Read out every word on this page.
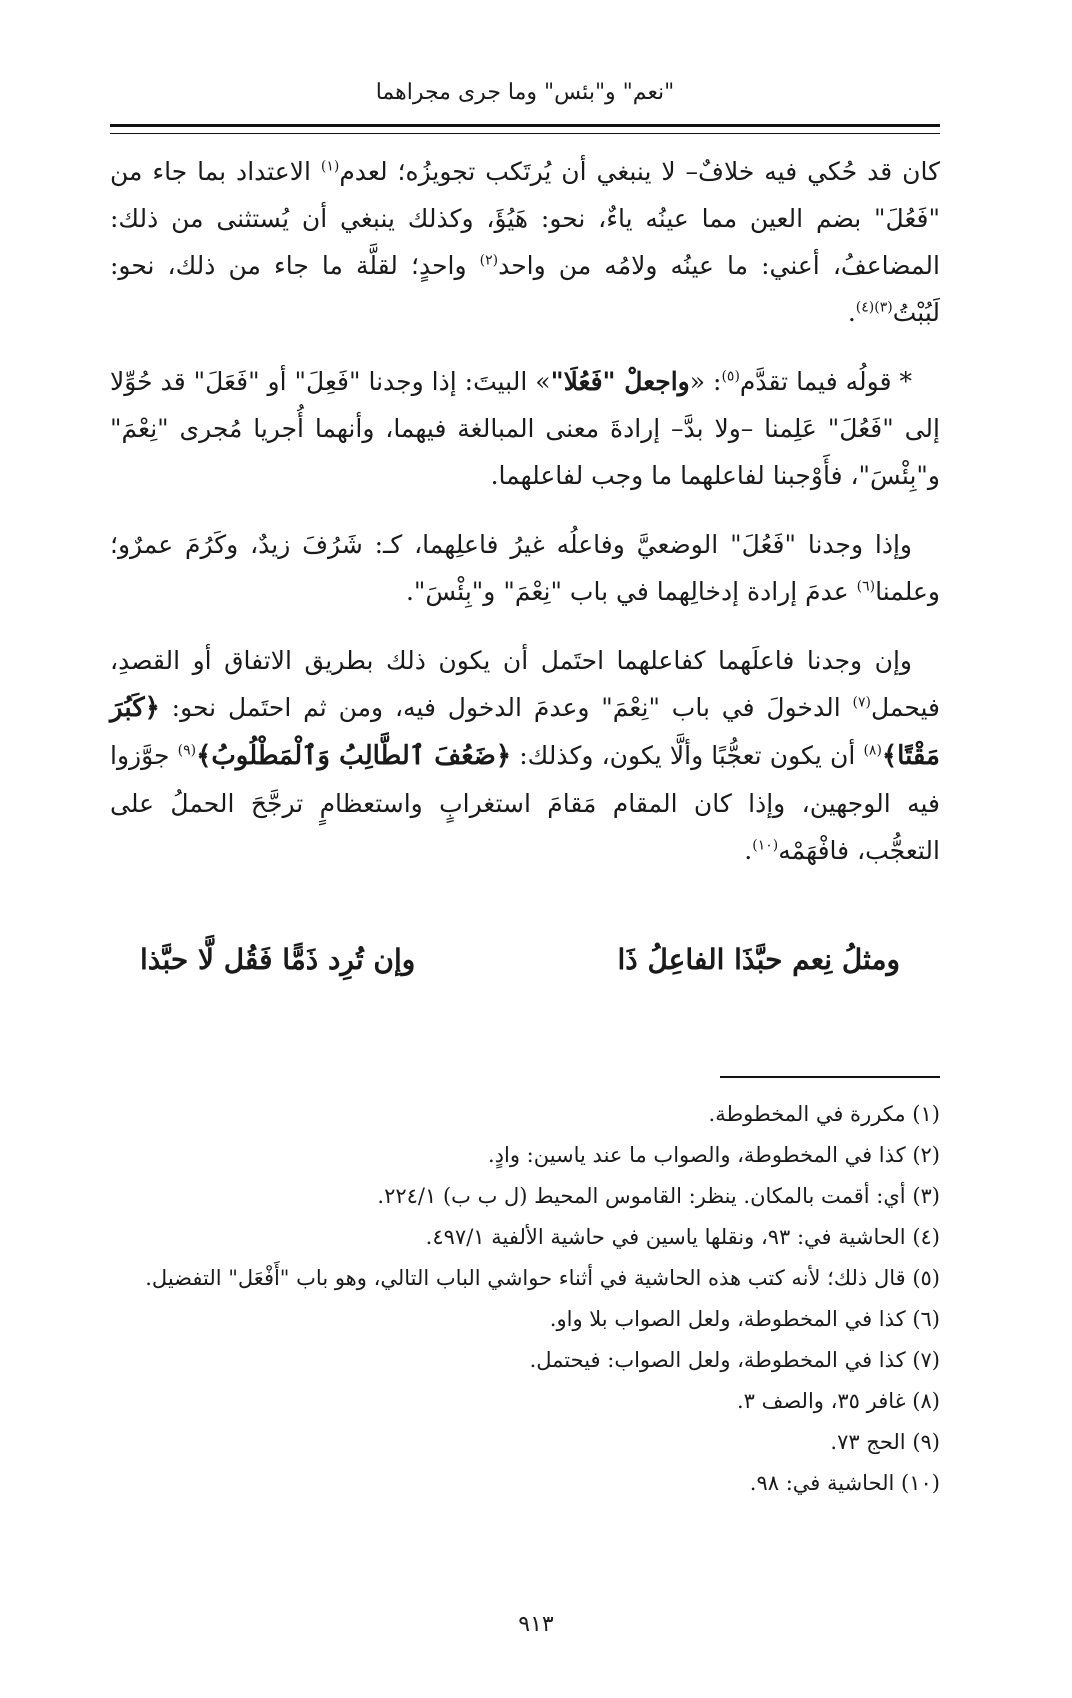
"نعم" و"بئس" وما جرى مجراهما

كان قد حُكي فيه خلافٌ– لا ينبغي أن يُرتَكب تجويزُه؛ لعدم$^{(١)}$ الاعتداد بما جاء من "فَعُلَ" بضم العين مما عينُه ياءٌ، نحو: هَيُؤَ، وكذلك ينبغي أن يُستثنى من ذلك: المضاعفُ، أعني: ما عينُه ولامُه من واحد$^{(٢)}$ واحدٍ؛ لقلَّة ما جاء من ذلك، نحو: لَبُبْتُ$^{(٣)(٤)}$.

* قولُه فيما تقدَّم$^{(٥)}$: «واجعلْ "فَعُلَا"» البيتَ: إذا وجدنا "فَعِلَ" أو "فَعَلَ" قد حُوِّلا إلى "فَعُلَ" عَلِمنا –ولا بدَّ– إرادةَ معنى المبالغة فيهما، وأنهما أُجريا مُجرى "نِعْمَ" و"بِئْسَ"، فأَوْجبنا لفاعلهما ما وجب لفاعلهما.

وإذا وجدنا "فَعُلَ" الوضعيَّ وفاعلُه غيرُ فاعلِهما، كـ: شَرُفَ زيدٌ، وكَرُمَ عمرٌو؛ وعلمنا$^{(٦)}$ عدمَ إرادة إدخالِهما في باب "نِعْمَ" و"بِئْسَ".

وإن وجدنا فاعلَهما كفاعلهما احتَمل أن يكون ذلك بطريق الاتفاق أو القصدِ، فيحمل$^{(٧)}$ الدخولَ في باب "نِعْمَ" وعدمَ الدخول فيه، ومن ثم احتَمل نحو: ﴿كَبُرَ مَقْتًا﴾$^{(٨)}$ أن يكون تعجُّبًا وألَّا يكون، وكذلك: ﴿ضَعُفَ ٱلطَّالِبُ وَٱلْمَطْلُوبُ﴾$^{(٩)}$ جوَّزوا فيه الوجهين، وإذا كان المقام مَقامَ استغرابٍ واستعظامٍ ترجَّحَ الحملُ على التعجُّب، فافْهَمْه$^{(١٠)}$.

ومثلُ نِعم حبَّذَا الفاعِلُ ذَا
وإن تُرِد ذَمًّا فَقُل لَّا حبَّذا

(١) مكررة في المخطوطة.

(٢) كذا في المخطوطة، والصواب ما عند ياسين: وادٍ.

(٣) أي: أقمت بالمكان. ينظر: القاموس المحيط (ل ب ب) ٢٢٤/١.

(٤) الحاشية في: ٩٣، ونقلها ياسين في حاشية الألفية ٤٩٧/١.

(٥) قال ذلك؛ لأنه كتب هذه الحاشية في أثناء حواشي الباب التالي، وهو باب "أَفْعَل" التفضيل.

(٦) كذا في المخطوطة، ولعل الصواب بلا واو.

(٧) كذا في المخطوطة، ولعل الصواب: فيحتمل.

(٨) غافر ٣٥، والصف ٣.

(٩) الحج ٧٣.

(١٠) الحاشية في: ٩٨.

٩١٣
